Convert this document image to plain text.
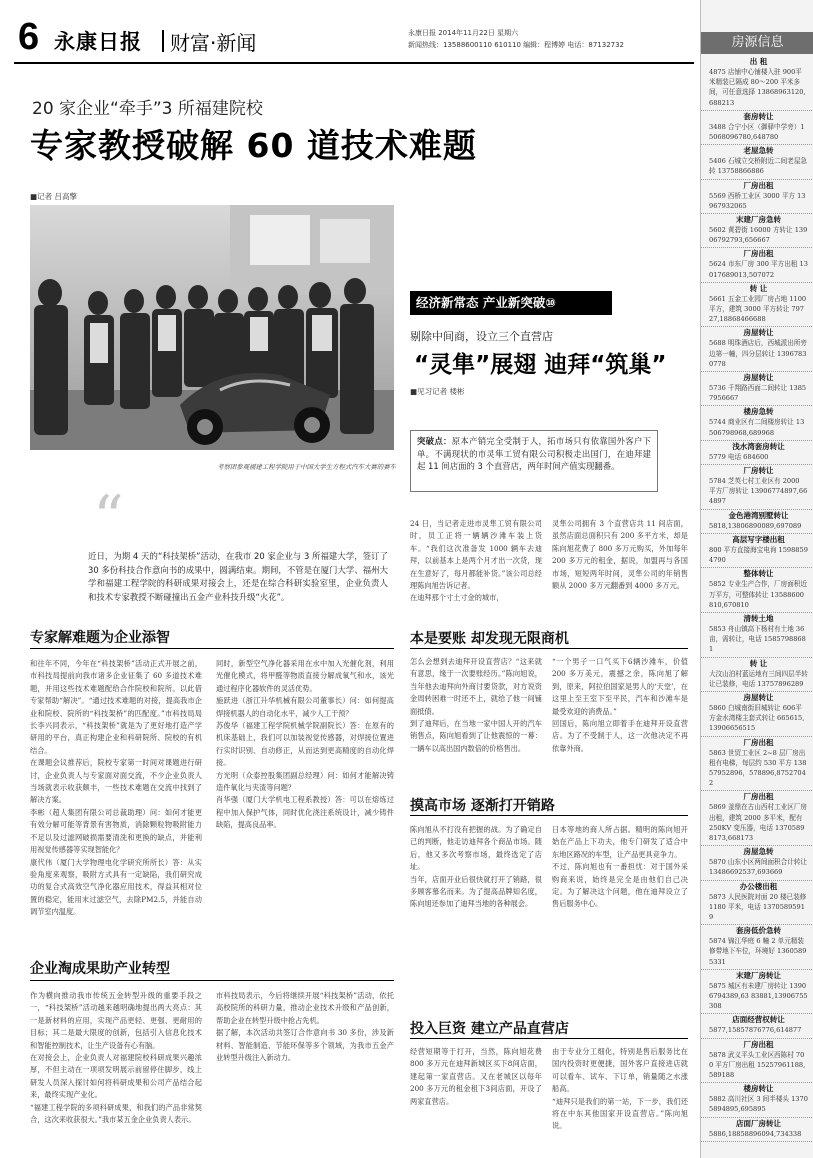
6 永康日报 财富·新闻	永康日报 2014年11月22日 星期六
新闻热线：13588600110 610110 编辑：程博婷 电话：87132732
20 家企业“牵手”3 所福建院校
专家教授破解 60 道技术难题
■记者 吕高擎
考察团参观福建工程学院用于中国大学生方程式汽车大赛的赛车
“
近日，为期 4 天的“科技架桥”活动，在我市 20 家企业与 3 所福建大学，签订了 30 多份科技合作意向书的成果中，圆满结束。期间，不管是在厦门大学、福州大学和福建工程学院的科研成果对接会上，还是在综合科研实验室里，企业负责人和技术专家教授不断碰撞出五金产业科技升级“火花”。
专家解难题为企业添智
和往年不同，今年在“科技架桥”活动正式开展之前，市科技局提前向我市诸多企业征集了 60 多道技术难题，并用这些技术难题配给合作院校和院所。以此借专家帮助“解决”。“通过技术难题的对接，提高我市企业和院校、院所的“科技架桥”的匹配度。”市科技局局长李兴同表示，“科技架桥”就是为了更好地打造产学研用的平台，真正构建企业和科研院所、院校的有机结合。
在课题会议推荐后，院校专家第一时间对课题进行研讨，企业负责人与专家面对面交流，不少企业负责人当场就表示收获颇丰，一些技术难题在交流中找到了解决方案。
李彬（超人集团有限公司总裁助理）问：如何才能更有效分解可能等背景有害物质，消除颗粒物吸附能力不足以及过滤网破损需要清洗和更换的缺点，并能利用视觉传感器等实现智能化？
康代伟（厦门大学物理电化学研究所所长）答：从实验角度来观察，吸附方式具有一定缺陷，我们研究成功的复合式高效空气净化器应用技术，得益其相对位置的稳定，能用末过滤空气，去除PM2.5，并能自动调节室内温度。
同时，新型空气净化器采用在水中加入光催化剂，利用光催化模式，将甲醛等物质直接分解成氧气和水，该光通过程序化器软件的灵活优势。
施跃进（浙江升华机械有限公司董事长）问：如何提高焊接机器人的自动化水平，减少人工干预？
苏俊华（福建工程学院机械学院副院长）答：在原有的机床基础上，我们可以加装视觉传感器，对焊接位置进行实时识别、自动修正，从而达到更高精度的自动化焊接。
方光明（众泰控股集团副总经理）问：如何才能解决铸造件氧化与夹渣等问题？
肖华强（厦门大学机电工程系教授）答：可以在熔炼过程中加入保护气体，同时优化浇注系统设计，减少铸件缺陷，提高良品率。
企业淘成果助产业转型
作为横向推动我市传统五金转型升级的重要手段之一，“科技架桥”活动越来越明确地提出两大亮点：其一是新材料的应用，实现产品更轻、更强、更耐用的目标；其二是最大限度的创新，包括引入信息化技术和智能控制技术，让生产设备有心有脑。
在对接会上，企业负责人对福建院校科研成果兴趣浓厚，不但主动在一项项发明展示前留停住脚步，线上研发人员深入探讨如何将科研成果和公司产品结合起来，最终实现产业化。
“福建工程学院的多项科研成果，和我们的产品非常契合，这次来收获很大。”我市某五金企业负责人表示。
市科技局表示，今后将继续开展“科技架桥”活动，依托高校院所的科研力量，推动企业技术升级和产品创新，帮助企业在转型升级中抢占先机。
据了解，本次活动共签订合作意向书 30 多份，涉及新材料、智能制造、节能环保等多个领域，为我市五金产业转型升级注入新动力。
经济新常态 产业新突破⑩
剔除中间商，设立三个直营店
“灵隼”展翅 迪拜“筑巢”
■见习记者 楼彬
突破点：原本产销完全受制于人，拓市场只有依靠国外客户下单。不满现状的市灵隼工贸有限公司积极走出国门，在迪拜建起 11 间店面的 3 个直营店，两年时间产值实现翻番。
24 日，当记者走进市灵隼工贸有限公司时，员工正将一辆辆沙滩车装上货车。“我们这次准备发 1000 辆车去迪拜，以前基本上是两个月才出一次货，现在生意好了，每月都能补货。”该公司总经理陈向旭告诉记者。
在迪拜那个寸土寸金的城市，
灵隼公司拥有 3 个直营店共 11 间店面，虽然店面总面积只有 200 多平方米，却是陈向旭花费了 800 多万元购买，外加每年 200 多万元的租金，据说，加盟再与各国市场，短短两年时间，灵隼公司的年销售额从 2000 多万元翻番到 4000 多万元。
本是要账 却发现无限商机
怎么会想到去迪拜开设直营店？“这来就有意思，缘于一次要账经历。”陈向旭说，当年他去迪拜向外商讨要货款，对方说资金周转困难一时还不上，就给了他一间铺面抵债。
到了迪拜后，在当地一家中国人开的汽车销售点，陈向旭看到了让他震惊的一幕：一辆车以高出国内数倍的价格售出。
“一个男子一口气买下6辆沙滩车，价值 200 多万美元，震撼之余，陈向旭了解到，原来，阿拉伯国家是男人的‘天堂’，在这里上至王室下至平民，汽车和沙滩车是最受欢迎的消费品。”
回国后，陈向旭立即着手在迪拜开设直营店。为了不受制于人，这一次他决定不再依靠外商。
摸高市场 逐渐打开销路
陈向旭从不打没有把握的战。为了确定自己的判断，他走访迪拜各个商品市场。随后，他又多次考察市场，最终选定了店址。
当年，店面开业后很快就打开了销路，很多顾客慕名而来。为了提高品牌知名度，陈向旭还参加了迪拜当地的各种展会。
日本等地的商人所占据。精明的陈向旭开始在产品上下功夫，他专门研发了适合中东地区路况的车型，让产品更具竞争力。
不过，陈向旭也有一番担忧：对于国外采购商来说，始终是完全是由他们自己决定。为了解决这个问题，他在迪拜设立了售后服务中心。
投入巨资 建立产品直营店
经营短期等于打开，当然，陈向旭花费 800 多万元在迪拜新城区买下8间店面，建起第一家直营店。又在老城区以每年 200 多万元的租金租下3间店面，开设了两家直营店。
由于专业分工细化，特别是售后服务比在国内投资时更便捷，国外客户直接进店就可以看车、试车、下订单，销量随之水涨船高。
“迪拜只是我们的第一站，下一步，我们还将在中东其他国家开设直营店。”陈向旭说。
房源信息
出 租
4875 店铺中心铺楼入驻 900平米精装已隔成 80～200 平米多间，可任意选择 13868963120,688213
套房转让
3488 合宁小区（御驿中学旁）15068096780,648780
老屋急转
5406 石城立交桥附近二间老屋急转 13758866886
厂房出租
5569 西桥工业区 3000 平方 13967932065
末建厂房急转
5602 黄碧街 16000 方转让 13906792793,656667
厂房出租
5624 市东厂房 300 平方出租 13017689013,507072
转 让
5661 五金工业园厂房占地 1100 平方，建筑 3000 平方转让 79727,18868466688
房屋转让
5688 明珠酒店后，西城派出所旁边第一幢，四分层转让 13967830778
房屋转让
5736 千翔路西面二间转让 13857956667
楼房急转
5744 商业区有二间楼房转让 13506798968,689968
浅水湾套房转让
5779 电话 684600
厂房转让
5784 芝英七村工业区有 2000 平方厂房转让 13906774897,664897
金色港湾别墅转让
5818,13806890089,697089
高层写字楼出租
800 平方直接海宝电询 15988594790
整体转让
5852 专业生产合作，厂房面积近万平方，可整体转让 13588600810,670810
清转土地
5853 舟山镇高下杨村有土地 36 亩，需转让，电话 15857988681
转 让
大汶山泊村蓝运地有三间四层半转让已装修，电话 13757896289
房屋转让
5860 白城南街旧城转让 606平方金水湾楼主套式转让 665615,13906656515
厂房出租
5863 世贸工业区 2~8 层厂房出租有电梯，每层约 530 平方 13857952896，578896,87527042
厂房出租
5869 釜鼎在古山西村工业区厂房出租，建筑 2000 多平米，配有 250KV 变压器，电话 13705898173,668173
房屋急转
5870 山东小区两间面积合计转让 13486692537,693669
办公楼出租
5873 人民医院对面 20 楼已装修 1180 平米，电话 13705895919
套房低价急转
5874 锦江华庭 6 幢 2 单元精装修带地下车位，环境好 13605895331
末建厂房转让
5875 城区有未建厂房转让 13906794389,63 83881,13906755308
店面经营权转让
5877,15857876776,614877
厂房出租
5878 武义平头工业区西陈村 700 平方厂房出租 15257961188,589188
楼房转让
5882 高川社区 3 间半楼头 13705894895,695895
店面厂房转让
5886,18858896094,734338
